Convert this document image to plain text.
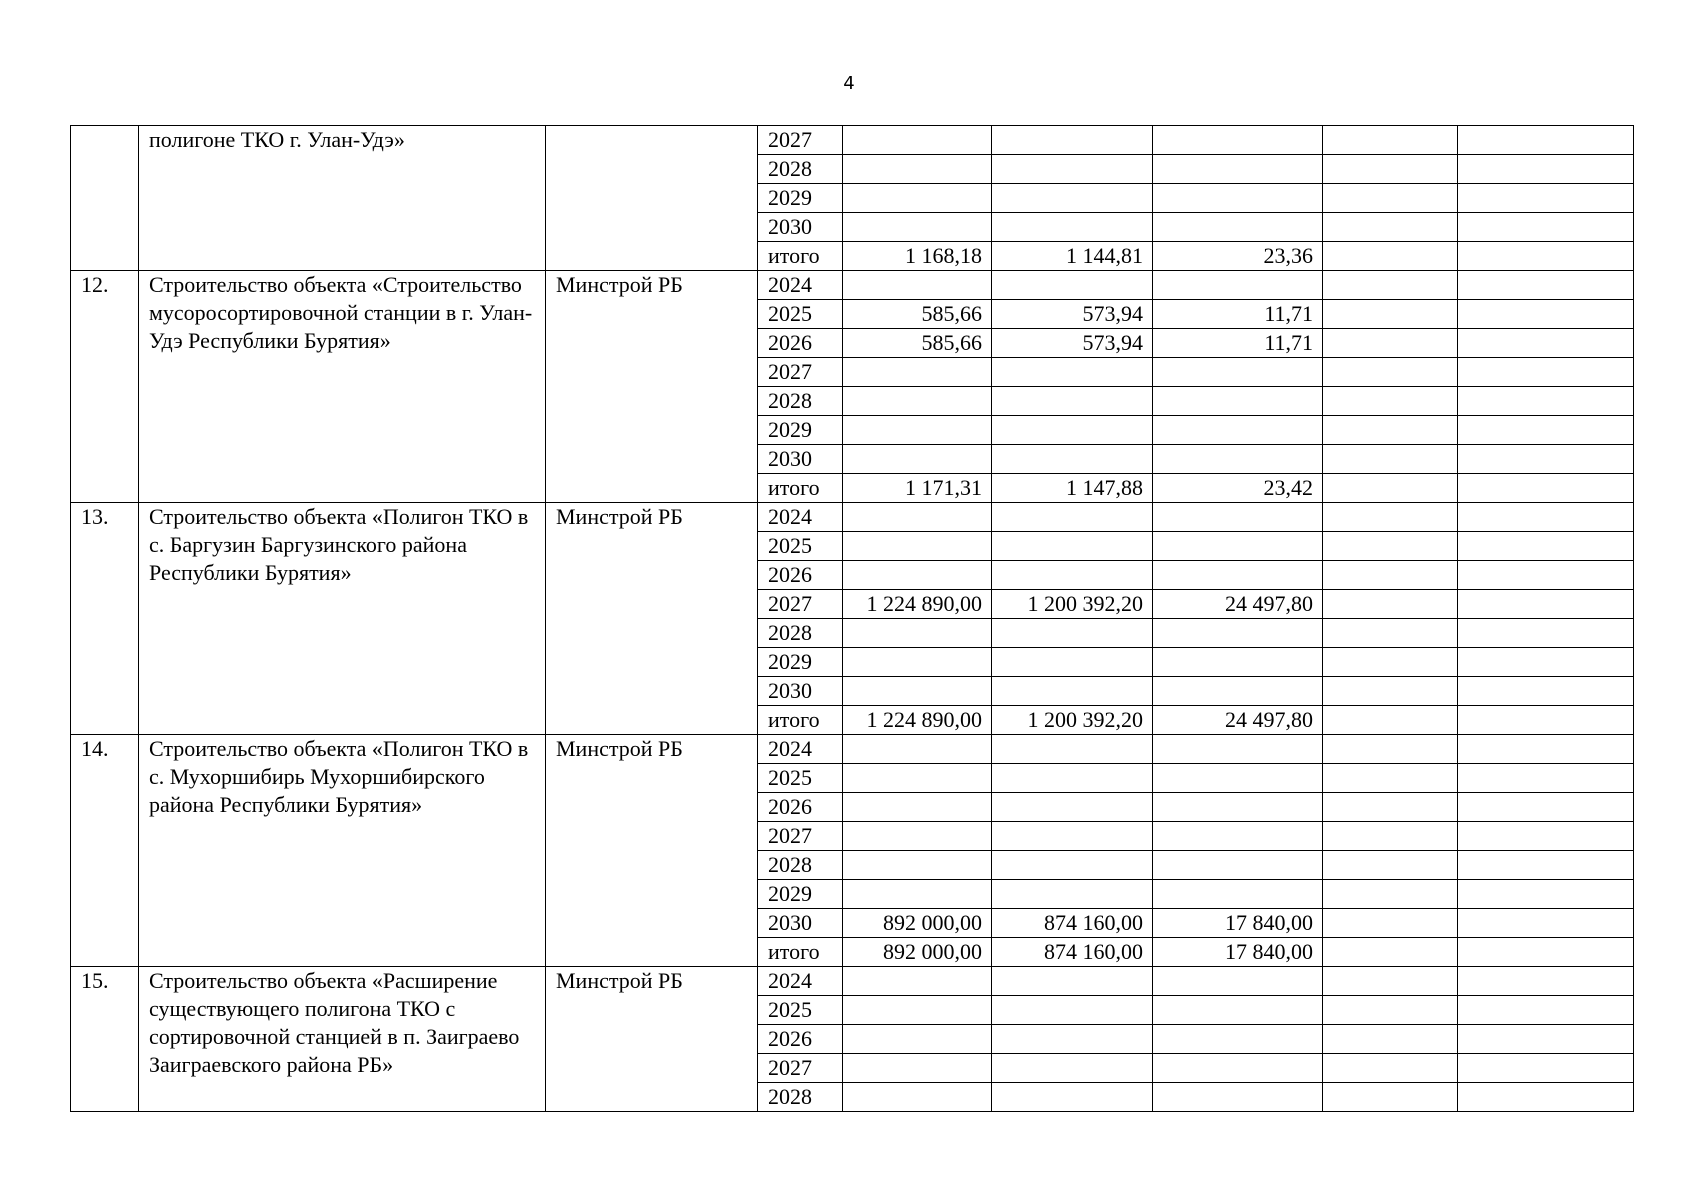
4
	полигоне ТКО г. Улан-Удэ»		2027					
			2028					
			2029					
			2030					
			итого	1 168,18	1 144,81	23,36		
12.	Строительство объекта «Строительство мусоросортировочной станции в г. Улан-Удэ Республики Бурятия»	Минстрой РБ	2024					
			2025	585,66	573,94	11,71		
			2026	585,66	573,94	11,71		
			2027					
			2028					
			2029					
			2030					
			итого	1 171,31	1 147,88	23,42		
13.	Строительство объекта «Полигон ТКО в с. Баргузин Баргузинского района Республики Бурятия»	Минстрой РБ	2024					
			2025					
			2026					
			2027	1 224 890,00	1 200 392,20	24 497,80		
			2028					
			2029					
			2030					
			итого	1 224 890,00	1 200 392,20	24 497,80		
14.	Строительство объекта «Полигон ТКО в с. Мухоршибирь Мухоршибирского района Республики Бурятия»	Минстрой РБ	2024					
			2025					
			2026					
			2027					
			2028					
			2029					
			2030	892 000,00	874 160,00	17 840,00		
			итого	892 000,00	874 160,00	17 840,00		
15.	Строительство объекта «Расширение существующего полигона ТКО с сортировочной станцией в п. Заиграево Заиграевского района РБ»	Минстрой РБ	2024					
			2025					
			2026					
			2027					
			2028					
